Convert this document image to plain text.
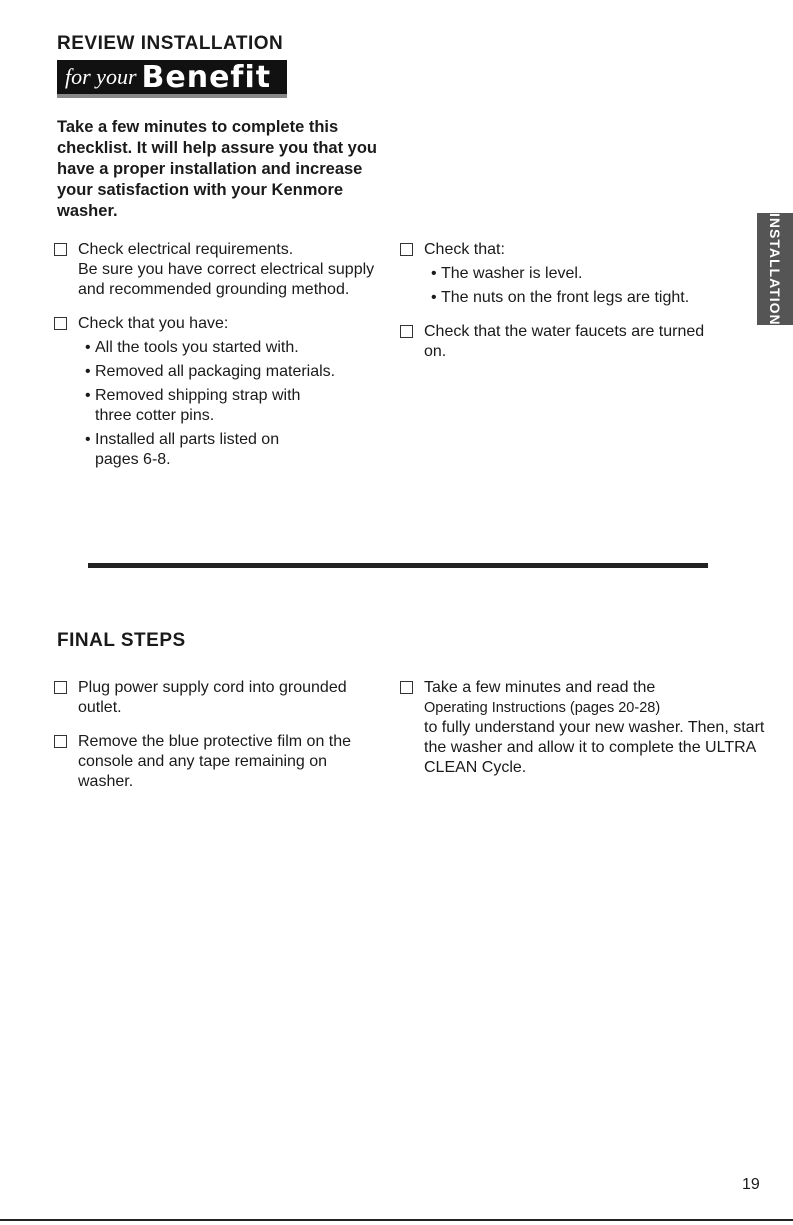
REVIEW INSTALLATION
for your Benefit

Take a few minutes to complete this checklist. It will help assure you that you have a proper installation and increase your satisfaction with your Kenmore washer.

Check electrical requirements.
Be sure you have correct electrical supply and recommended grounding method.
Check that you have:
• All the tools you started with.
• Removed all packaging materials.
• Removed shipping strap with three cotter pins.
• Installed all parts listed on pages 6-8.
Check that:
• The washer is level.
• The nuts on the front legs are tight.
Check that the water faucets are turned on.
INSTALLATION
FINAL STEPS
Plug power supply cord into grounded outlet.
Remove the blue protective film on the console and any tape remaining on washer.
Take a few minutes and read the
Operating Instructions (pages 20-28)
to fully understand your new washer. Then, start the washer and allow it to complete the ULTRA CLEAN Cycle.
19
